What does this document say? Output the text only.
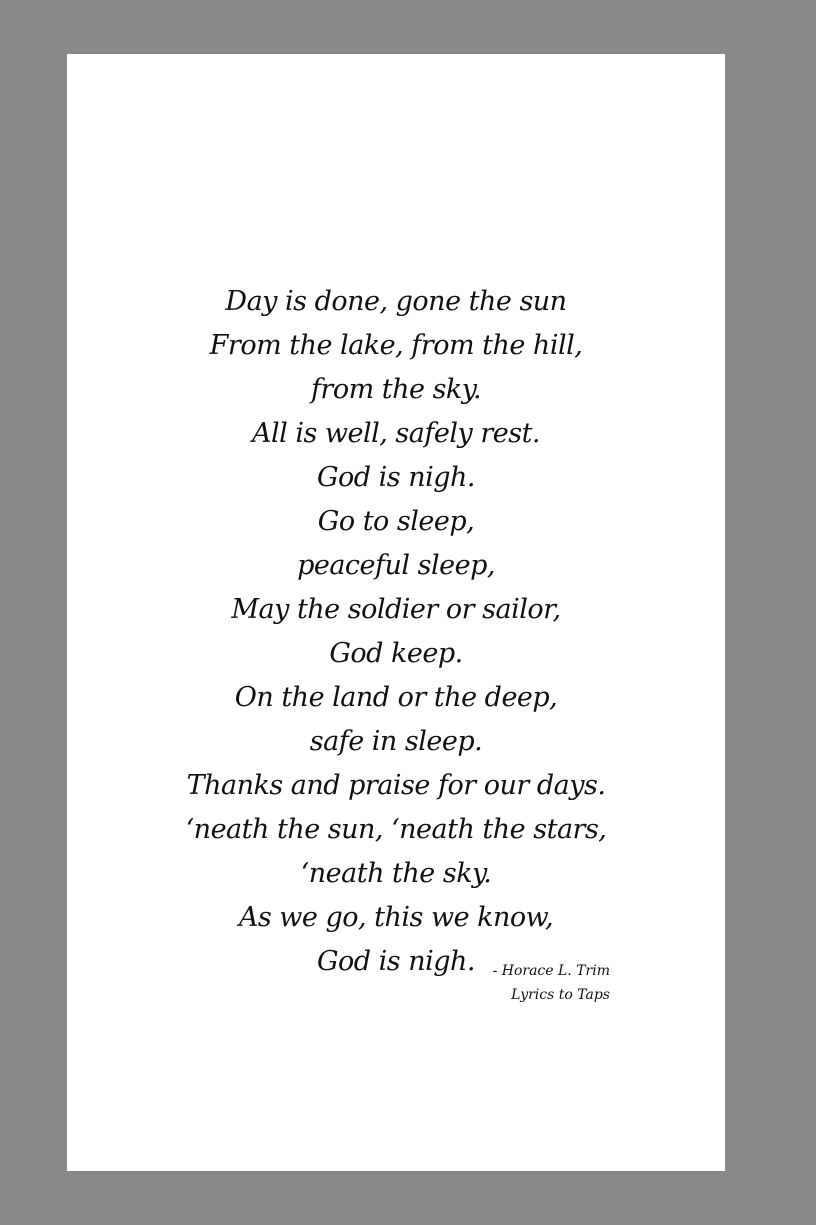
Day is done, gone the sun
From the lake, from the hill,
from the sky.
All is well, safely rest.
God is nigh.
Go to sleep,
peaceful sleep,
May the soldier or sailor,
God keep.
On the land or the deep,
safe in sleep.
Thanks and praise for our days.
‘neath the sun, ‘neath the stars,
‘neath the sky.
As we go, this we know,
God is nigh.	- Horace L. Trim
Lyrics to Taps
